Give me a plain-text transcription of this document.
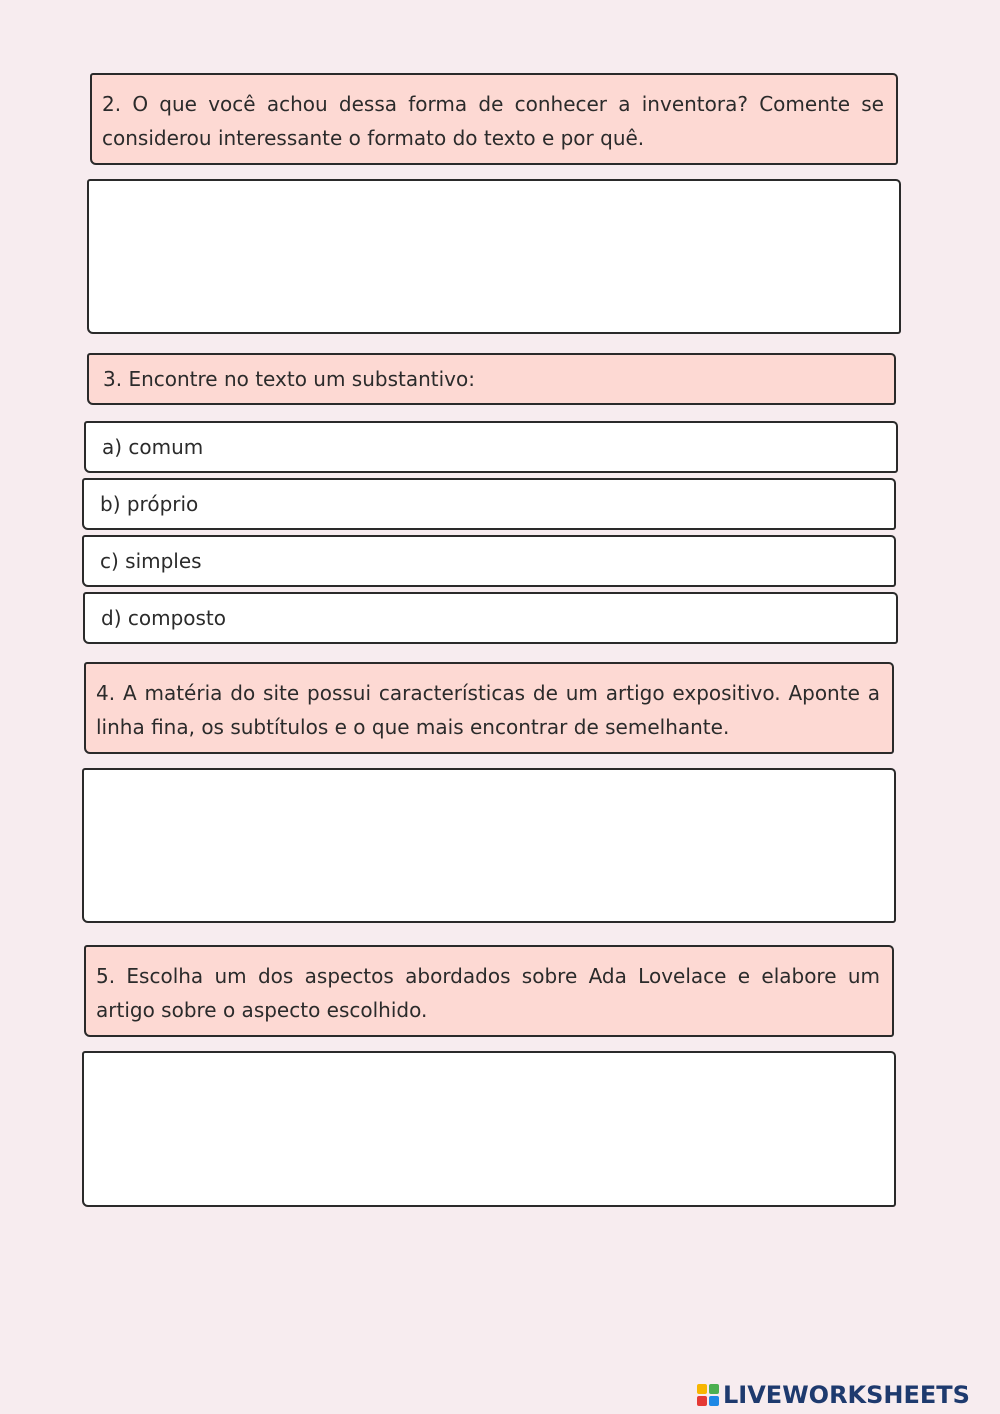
2. O que você achou dessa forma de conhecer a inventora? Comente se considerou interessante o formato do texto e por quê.
3. Encontre no texto um substantivo:
a) comum
b) próprio
c) simples
d) composto
4. A matéria do site possui características de um artigo expositivo. Aponte a linha fina, os subtítulos e o que mais encontrar de semelhante.
5. Escolha um dos aspectos abordados sobre Ada Lovelace e elabore um artigo sobre o aspecto escolhido.
LIVEWORKSHEETS
